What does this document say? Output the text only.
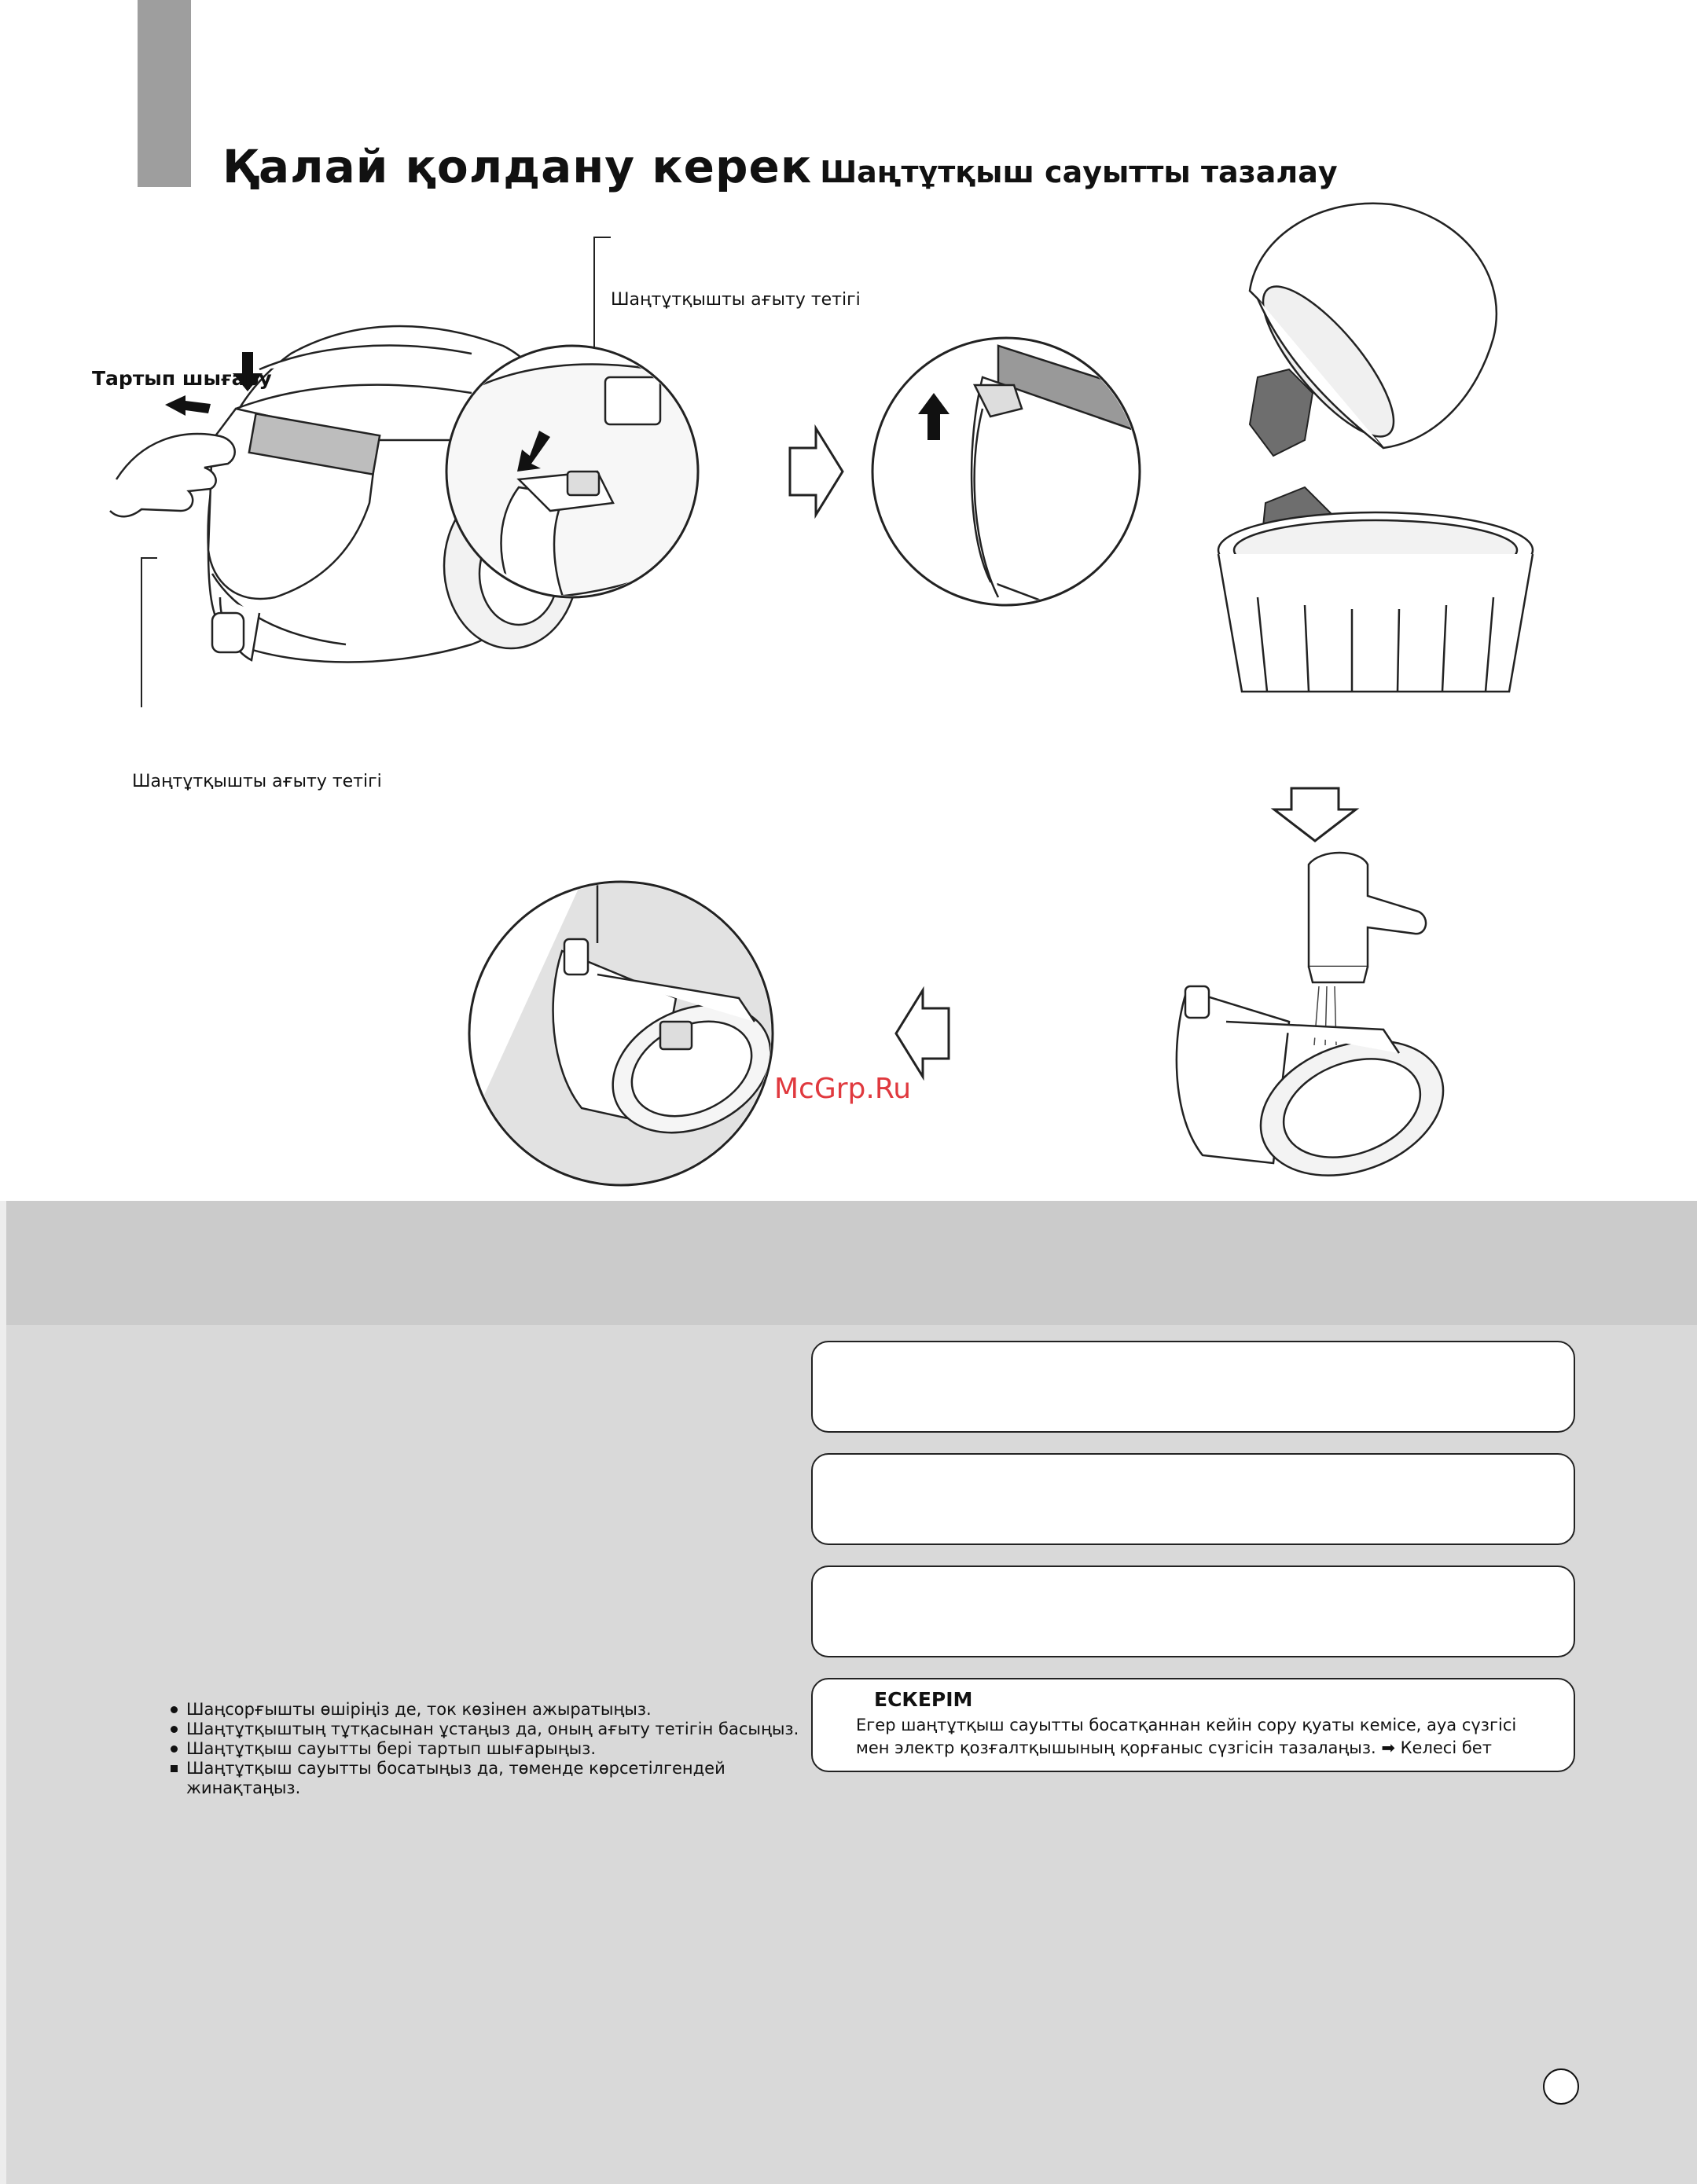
Қалай қолдану керек Шаңтұтқыш сауытты тазалау
Шаңтұтқышты ағыту тетігі
Тартып шығару
Шаңтұтқышты ағыту тетігі
McGrp.Ru
ЕСКЕРІМ
Егер шаңтұтқыш сауытты босатқаннан кейін сору қуаты кемісе, ауа сүзгісі мен электр қозғалтқышының қорғаныс сүзгісін тазалаңыз. ➡ Келесі бет
Шаңсорғышты өшіріңіз де, ток көзінен ажыратыңыз.
Шаңтұтқыштың тұтқасынан ұстаңыз да, оның ағыту тетігін басыңыз.
Шаңтұтқыш сауытты бері тартып шығарыңыз.
Шаңтұтқыш сауытты босатыңыз да, төменде көрсетілгендей жинақтаңыз.
